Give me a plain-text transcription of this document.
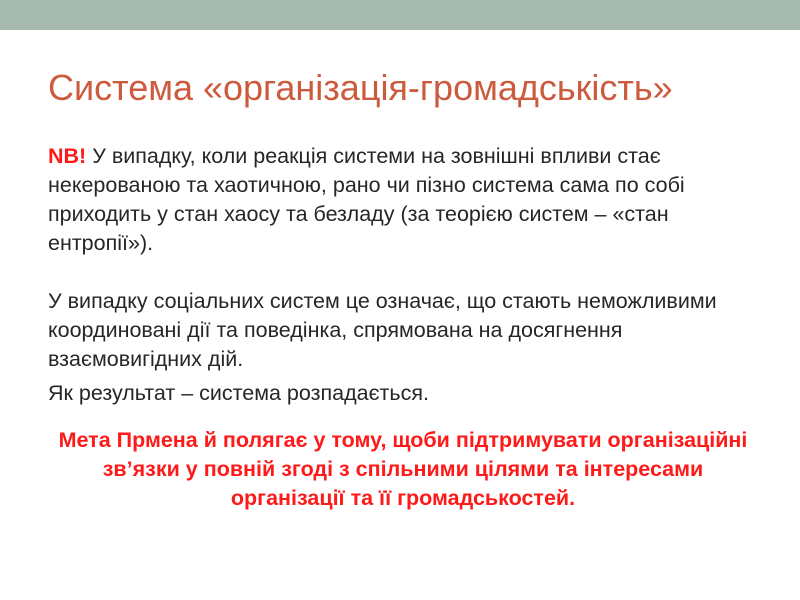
Система «організація-громадськість»

NB! У випадку, коли реакція системи на зовнішні впливи стає некерованою та хаотичною, рано чи пізно система сама по собі приходить у стан хаосу та безладу (за теорією систем – «стан ентропії»).

У випадку соціальних систем це означає, що стають неможливими координовані дії та поведінка, спрямована на досягнення взаємовигідних дій.

Як результат – система розпадається.

Мета Прмена й полягає у тому, щоби підтримувати організаційні зв’язки у повній згоді з спільними цілями та інтересами організації та її громадськостей.
